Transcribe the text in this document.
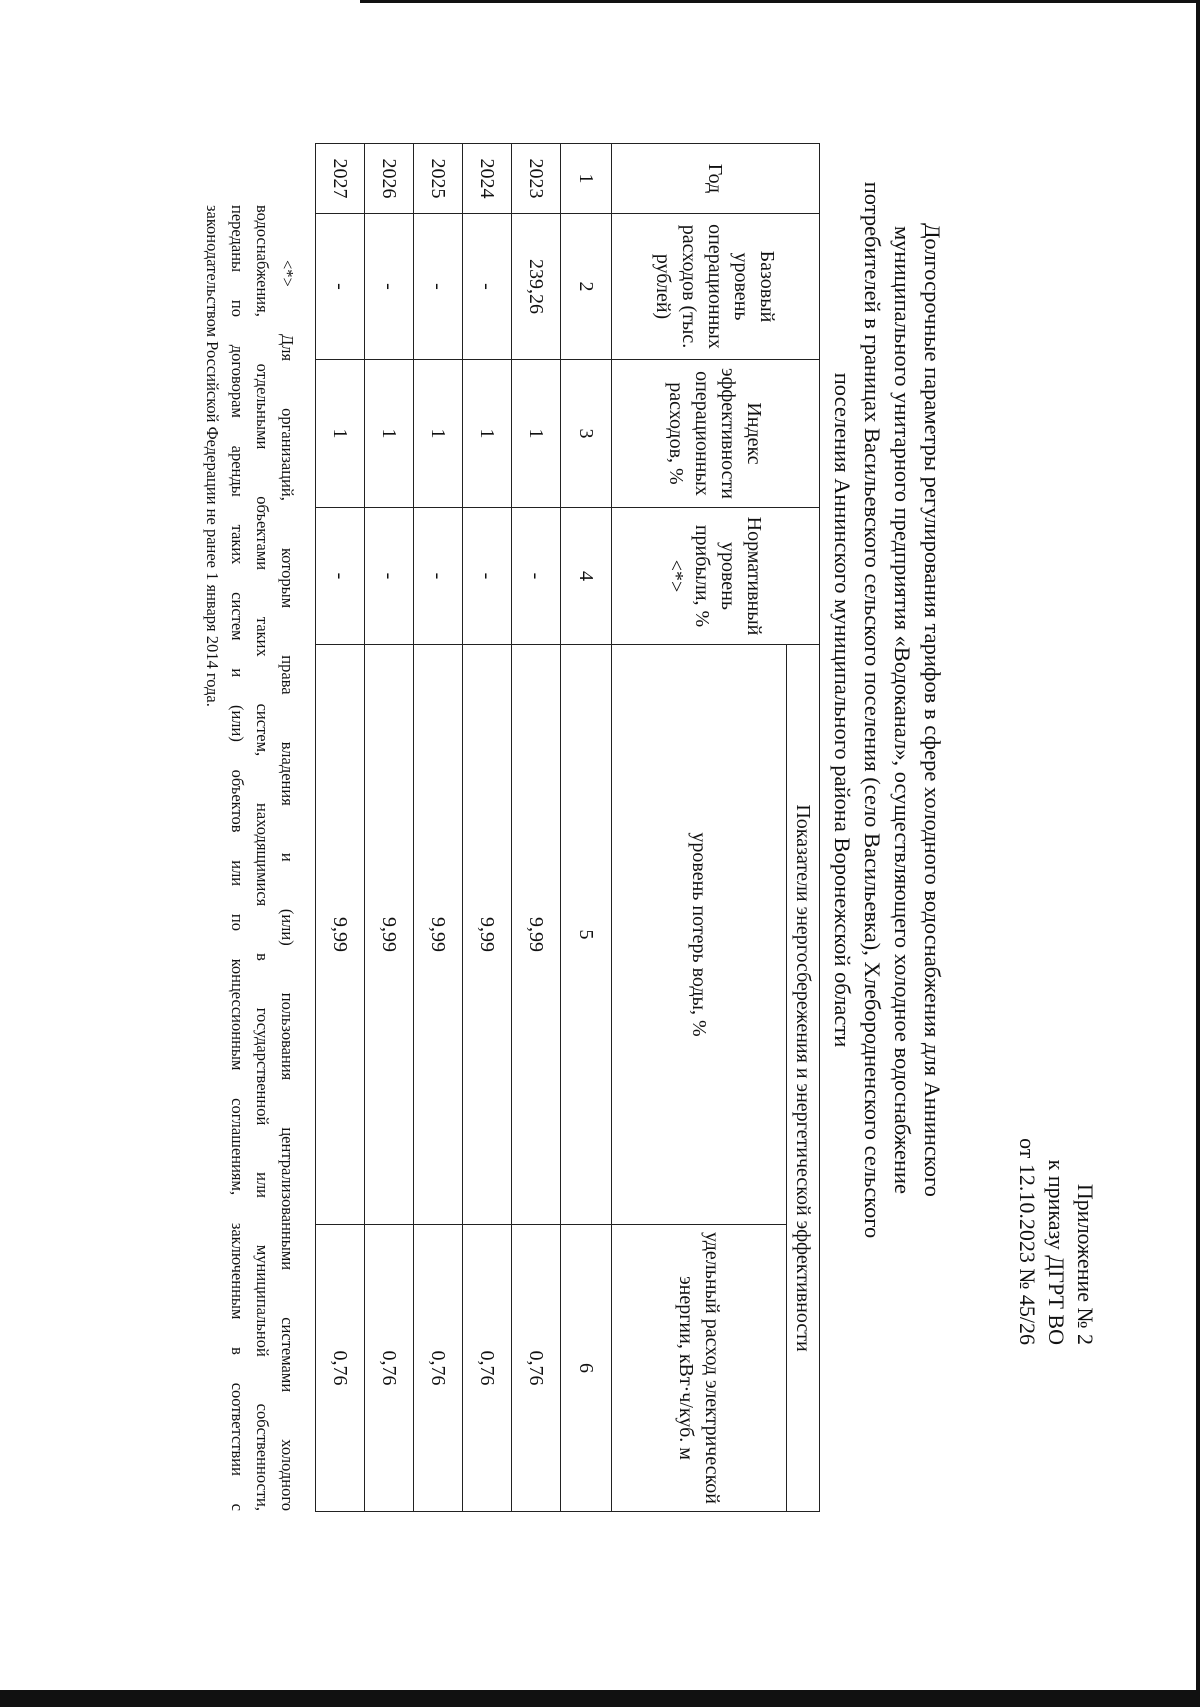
Приложение № 2
к приказу ДГРТ ВО
от 12.10.2023 № 45/26
Долгосрочные параметры регулирования тарифов в сфере холодного водоснабжения для Аннинского
муниципального унитарного предприятия «Водоканал», осуществляющего холодное водоснабжение
потребителей в границах Васильевского сельского поселения (село Васильевка), Хлебородненского сельского
поселения Аннинского муниципального района Воронежской области
Год	Базовый уровень операционных расходов (тыс. рублей)	Индекс эффективности операционных расходов, %	Нормативный уровень прибыли, % <*>	Показатели энергосбережения и энергетической эффективности	
				уровень потерь воды, %	удельный расход электрической энергии, кВт·ч/куб. м
1	2	3	4	5	6
2023	239,26	1	-	9,99	0,76
2024	-	1	-	9,99	0,76
2025	-	1	-	9,99	0,76
2026	-	1	-	9,99	0,76
2027	-	1	-	9,99	0,76
<*> Для организаций, которым права владения и (или) пользования централизованными системами холодного
водоснабжения, отдельными объектами таких систем, находящимися в государственной или муниципальной собственности,
переданы по договорам аренды таких систем и (или) объектов или по концессионным соглашениям, заключенным в соответствии с
законодательством Российской Федерации не ранее 1 января 2014 года.
